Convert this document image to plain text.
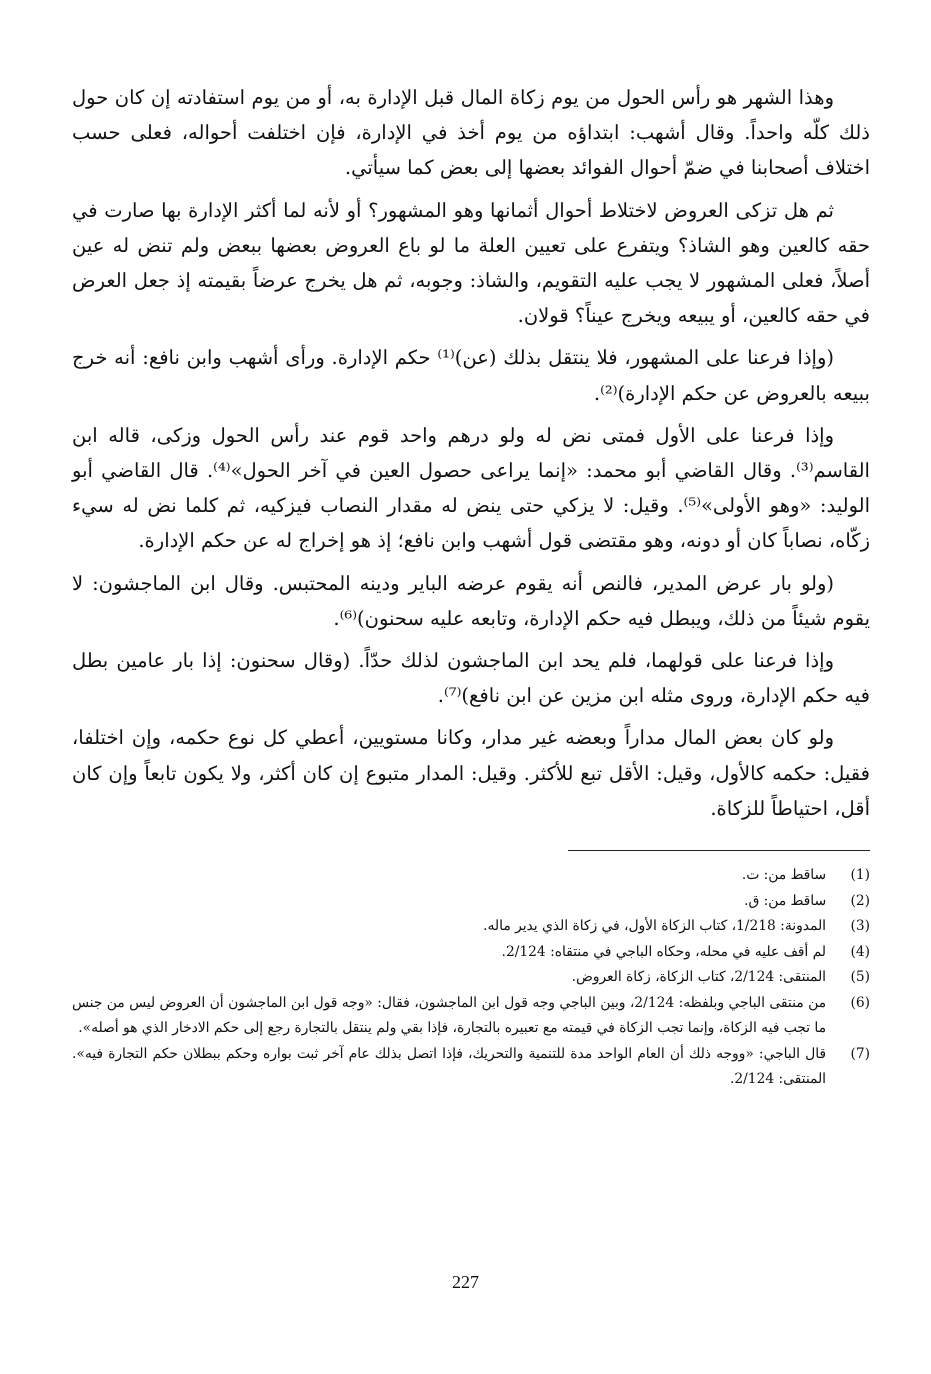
وهذا الشهر هو رأس الحول من يوم زكاة المال قبل الإدارة به، أو من يوم استفادته إن كان حول ذلك كلّه واحداً. وقال أشهب: ابتداؤه من يوم أخذ في الإدارة، فإن اختلفت أحواله، فعلى حسب اختلاف أصحابنا في ضمّ أحوال الفوائد بعضها إلى بعض كما سيأتي.

ثم هل تزكى العروض لاختلاط أحوال أثمانها وهو المشهور؟ أو لأنه لما أكثر الإدارة بها صارت في حقه كالعين وهو الشاذ؟ ويتفرع على تعيين العلة ما لو باع العروض بعضها ببعض ولم تنض له عين أصلاً، فعلى المشهور لا يجب عليه التقويم، والشاذ: وجوبه، ثم هل يخرج عرضاً بقيمته إذ جعل العرض في حقه كالعين، أو يبيعه ويخرج عيناً؟ قولان.

(وإذا فرعنا على المشهور، فلا ينتقل بذلك (عن)⁽¹⁾ حكم الإدارة. ورأى أشهب وابن نافع: أنه خرج ببيعه بالعروض عن حكم الإدارة)⁽²⁾.

وإذا فرعنا على الأول فمتى نض له ولو درهم واحد قوم عند رأس الحول وزكى، قاله ابن القاسم⁽³⁾. وقال القاضي أبو محمد: «إنما يراعى حصول العين في آخر الحول»⁽⁴⁾. قال القاضي أبو الوليد: «وهو الأولى»⁽⁵⁾. وقيل: لا يزكي حتى ينض له مقدار النصاب فيزكيه، ثم كلما نض له سيء زكّاه، نصاباً كان أو دونه، وهو مقتضى قول أشهب وابن نافع؛ إذ هو إخراج له عن حكم الإدارة.

(ولو بار عرض المدير، فالنص أنه يقوم عرضه الباير ودينه المحتبس. وقال ابن الماجشون: لا يقوم شيئاً من ذلك، ويبطل فيه حكم الإدارة، وتابعه عليه سحنون)⁽⁶⁾.

وإذا فرعنا على قولهما، فلم يحد ابن الماجشون لذلك حدّاً. (وقال سحنون: إذا بار عامين بطل فيه حكم الإدارة، وروى مثله ابن مزين عن ابن نافع)⁽⁷⁾.

ولو كان بعض المال مداراً وبعضه غير مدار، وكانا مستويين، أعطي كل نوع حكمه، وإن اختلفا، فقيل: حكمه كالأول، وقيل: الأقل تبع للأكثر. وقيل: المدار متبوع إن كان أكثر، ولا يكون تابعاً وإن كان أقل، احتياطاً للزكاة.

(1)
ساقط من: ت.
(2)
ساقط من: ق.
(3)
المدونة: 1/218، كتاب الزكاة الأول، في زكاة الذي يدير ماله.
(4)
لم أقف عليه في محله، وحكاه الباجي في منتقاه: 2/124.
(5)
المنتقى: 2/124، كتاب الزكاة، زكاة العروض.
(6)
من منتقى الباجي وبلفظه: 2/124، وبين الباجي وجه قول ابن الماجشون، فقال: «وجه قول ابن الماجشون أن العروض ليس من جنس ما تجب فيه الزكاة، وإنما تجب الزكاة في قيمته مع تعبيره بالتجارة، فإذا بقي ولم ينتقل بالتجارة رجع إلى حكم الادخار الذي هو أصله».
(7)
قال الباجي: «ووجه ذلك أن العام الواحد مدة للتنمية والتحريك، فإذا اتصل بذلك عام آخر ثبت بواره وحكم ببطلان حكم التجارة فيه». المنتقى: 2/124.
227
